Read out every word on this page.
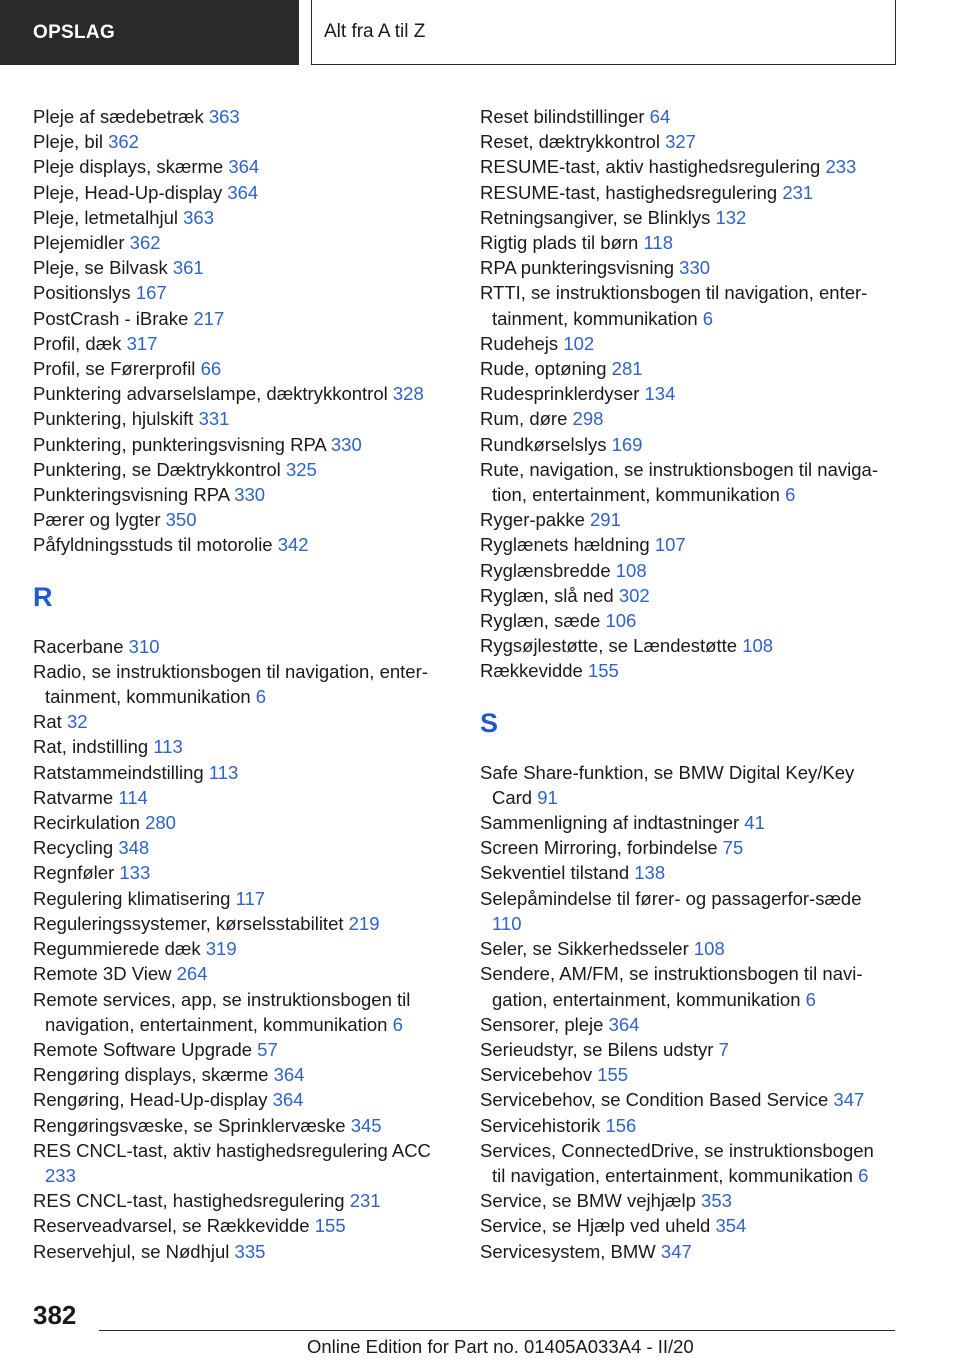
OPSLAG	Alt fra A til Z
Pleje af sædebetræk 363
Pleje, bil 362
Pleje displays, skærme 364
Pleje, Head-Up-display 364
Pleje, letmetalhjul 363
Plejemidler 362
Pleje, se Bilvask 361
Positionslys 167
PostCrash - iBrake 217
Profil, dæk 317
Profil, se Førerprofil 66
Punktering advarselslampe, dæktrykkontrol 328
Punktering, hjulskift 331
Punktering, punkteringsvisning RPA 330
Punktering, se Dæktrykkontrol 325
Punkteringsvisning RPA 330
Pærer og lygter 350
Påfyldningsstuds til motorolie 342
R
Racerbane 310
Radio, se instruktionsbogen til navigation, enter-tainment, kommunikation 6
Rat 32
Rat, indstilling 113
Ratstammeindstilling 113
Ratvarme 114
Recirkulation 280
Recycling 348
Regnføler 133
Regulering klimatisering 117
Reguleringssystemer, kørselsstabilitet 219
Regummierede dæk 319
Remote 3D View 264
Remote services, app, se instruktionsbogen til navigation, entertainment, kommunikation 6
Remote Software Upgrade 57
Rengøring displays, skærme 364
Rengøring, Head-Up-display 364
Rengøringsvæske, se Sprinklervæske 345
RES CNCL-tast, aktiv hastighedsregulering ACC 233
RES CNCL-tast, hastighedsregulering 231
Reserveadvarsel, se Rækkevidde 155
Reservehjul, se Nødhjul 335
Reset bilindstillinger 64
Reset, dæktrykkontrol 327
RESUME-tast, aktiv hastighedsregulering 233
RESUME-tast, hastighedsregulering 231
Retningsangiver, se Blinklys 132
Rigtig plads til børn 118
RPA punkteringsvisning 330
RTTI, se instruktionsbogen til navigation, enter-tainment, kommunikation 6
Rudehejs 102
Rude, optøning 281
Rudesprinklerdyser 134
Rum, døre 298
Rundkørselslys 169
Rute, navigation, se instruktionsbogen til naviga-tion, entertainment, kommunikation 6
Ryger-pakke 291
Ryglænets hældning 107
Ryglænsbredde 108
Ryglæn, slå ned 302
Ryglæn, sæde 106
Rygsøjlestøtte, se Lændestøtte 108
Rækkevidde 155
S
Safe Share-funktion, se BMW Digital Key/Key Card 91
Sammenligning af indtastninger 41
Screen Mirroring, forbindelse 75
Sekventiel tilstand 138
Selepåmindelse til fører- og passagerfor-sæde 110
Seler, se Sikkerhedsseler 108
Sendere, AM/FM, se instruktionsbogen til navi-gation, entertainment, kommunikation 6
Sensorer, pleje 364
Serieudstyr, se Bilens udstyr 7
Servicebehov 155
Servicebehov, se Condition Based Service 347
Servicehistorik 156
Services, ConnectedDrive, se instruktionsbogen til navigation, entertainment, kommunikation 6
Service, se BMW vejhjælp 353
Service, se Hjælp ved uheld 354
Servicesystem, BMW 347
382
Online Edition for Part no. 01405A033A4 - II/20
